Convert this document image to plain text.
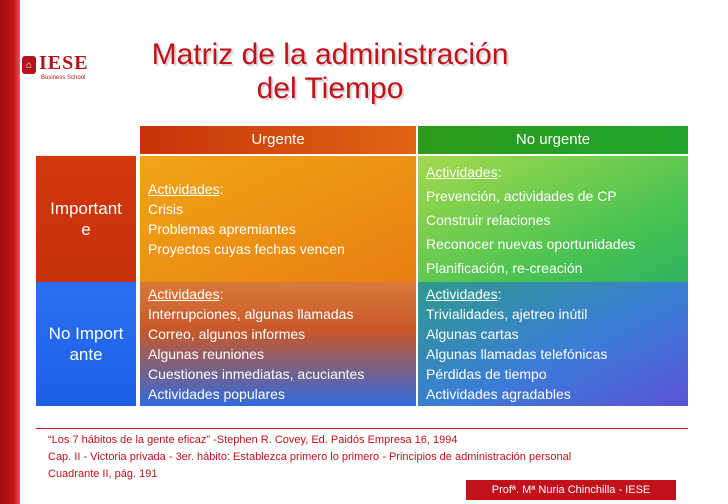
⌂ IESE
Business School
Matriz de la administración
del Tiempo
Urgente	No urgente
Importante
No Importante
Actividades:
Crisis
Problemas apremiantes
Proyectos cuyas fechas vencen
Actividades:
Prevención, actividades de CP
Construir relaciones
Reconocer nuevas oportunidades
Planificación, re-creación
Actividades:
Interrupciones, algunas llamadas
Correo, algunos informes
Algunas reuniones
Cuestiones inmediatas, acuciantes
Actividades populares
Actividades:
Trivialidades, ajetreo inútil
Algunas cartas
Algunas llamadas telefónicas
Pérdidas de tiempo
Actividades agradables
“Los 7 hábitos de la gente eficaz” -Stephen R. Covey, Ed. Paidós Empresa 16, 1994
Cap. II - Victoria privada - 3er. hábito: Establezca primero lo primero - Principios de administración personal
Cuadrante II, pág. 191
Profª. Mª Nuria Chinchilla - IESE
